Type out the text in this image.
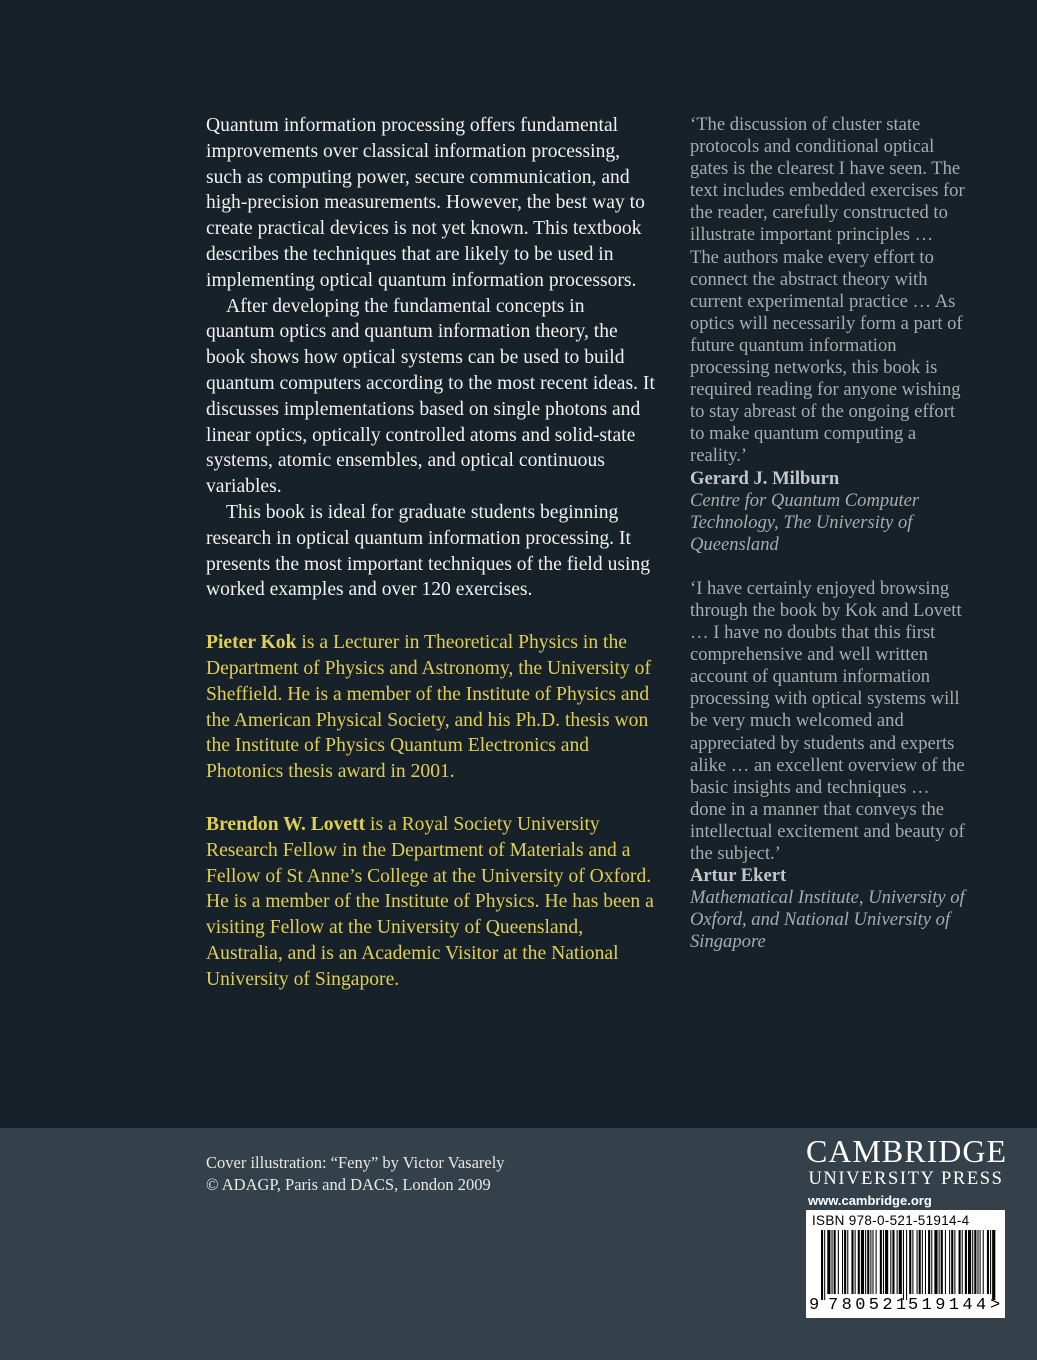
Quantum information processing offers fundamental improvements over classical information processing, such as computing power, secure communication, and high-precision measurements. However, the best way to create practical devices is not yet known. This textbook describes the techniques that are likely to be used in implementing optical quantum information processors.

After developing the fundamental concepts in quantum optics and quantum information theory, the book shows how optical systems can be used to build quantum computers according to the most recent ideas. It discusses implementations based on single photons and linear optics, optically controlled atoms and solid-state systems, atomic ensembles, and optical continuous variables.

This book is ideal for graduate students beginning research in optical quantum information processing. It presents the most important techniques of the field using worked examples and over 120 exercises.

Pieter Kok is a Lecturer in Theoretical Physics in the Department of Physics and Astronomy, the University of Sheffield. He is a member of the Institute of Physics and the American Physical Society, and his Ph.D. thesis won the Institute of Physics Quantum Electronics and Photonics thesis award in 2001.

Brendon W. Lovett is a Royal Society University Research Fellow in the Department of Materials and a Fellow of St Anne’s College at the University of Oxford. He is a member of the Institute of Physics. He has been a visiting Fellow at the University of Queensland, Australia, and is an Academic Visitor at the National University of Singapore.

‘The discussion of cluster state protocols and conditional optical gates is the clearest I have seen. The text includes embedded exercises for the reader, carefully constructed to illustrate important principles … The authors make every effort to connect the abstract theory with current experimental practice … As optics will necessarily form a part of future quantum information processing networks, this book is required reading for anyone wishing to stay abreast of the ongoing effort to make quantum computing a reality.’

Gerard J. Milburn

Centre for Quantum Computer Technology, The University of Queensland

‘I have certainly enjoyed browsing through the book by Kok and Lovett … I have no doubts that this first comprehensive and well written account of quantum information processing with optical systems will be very much welcomed and appreciated by students and experts alike … an excellent overview of the basic insights and techniques … done in a manner that conveys the intellectual excitement and beauty of the subject.’

Artur Ekert

Mathematical Institute, University of Oxford, and National University of Singapore

Cover illustration: “Feny” by Victor Vasarely
© ADAGP, Paris and DACS, London 2009
CAMBRIDGE
UNIVERSITY PRESS
www.cambridge.org
ISBN 978-0-521-51914-4
9 780521
519144 >
